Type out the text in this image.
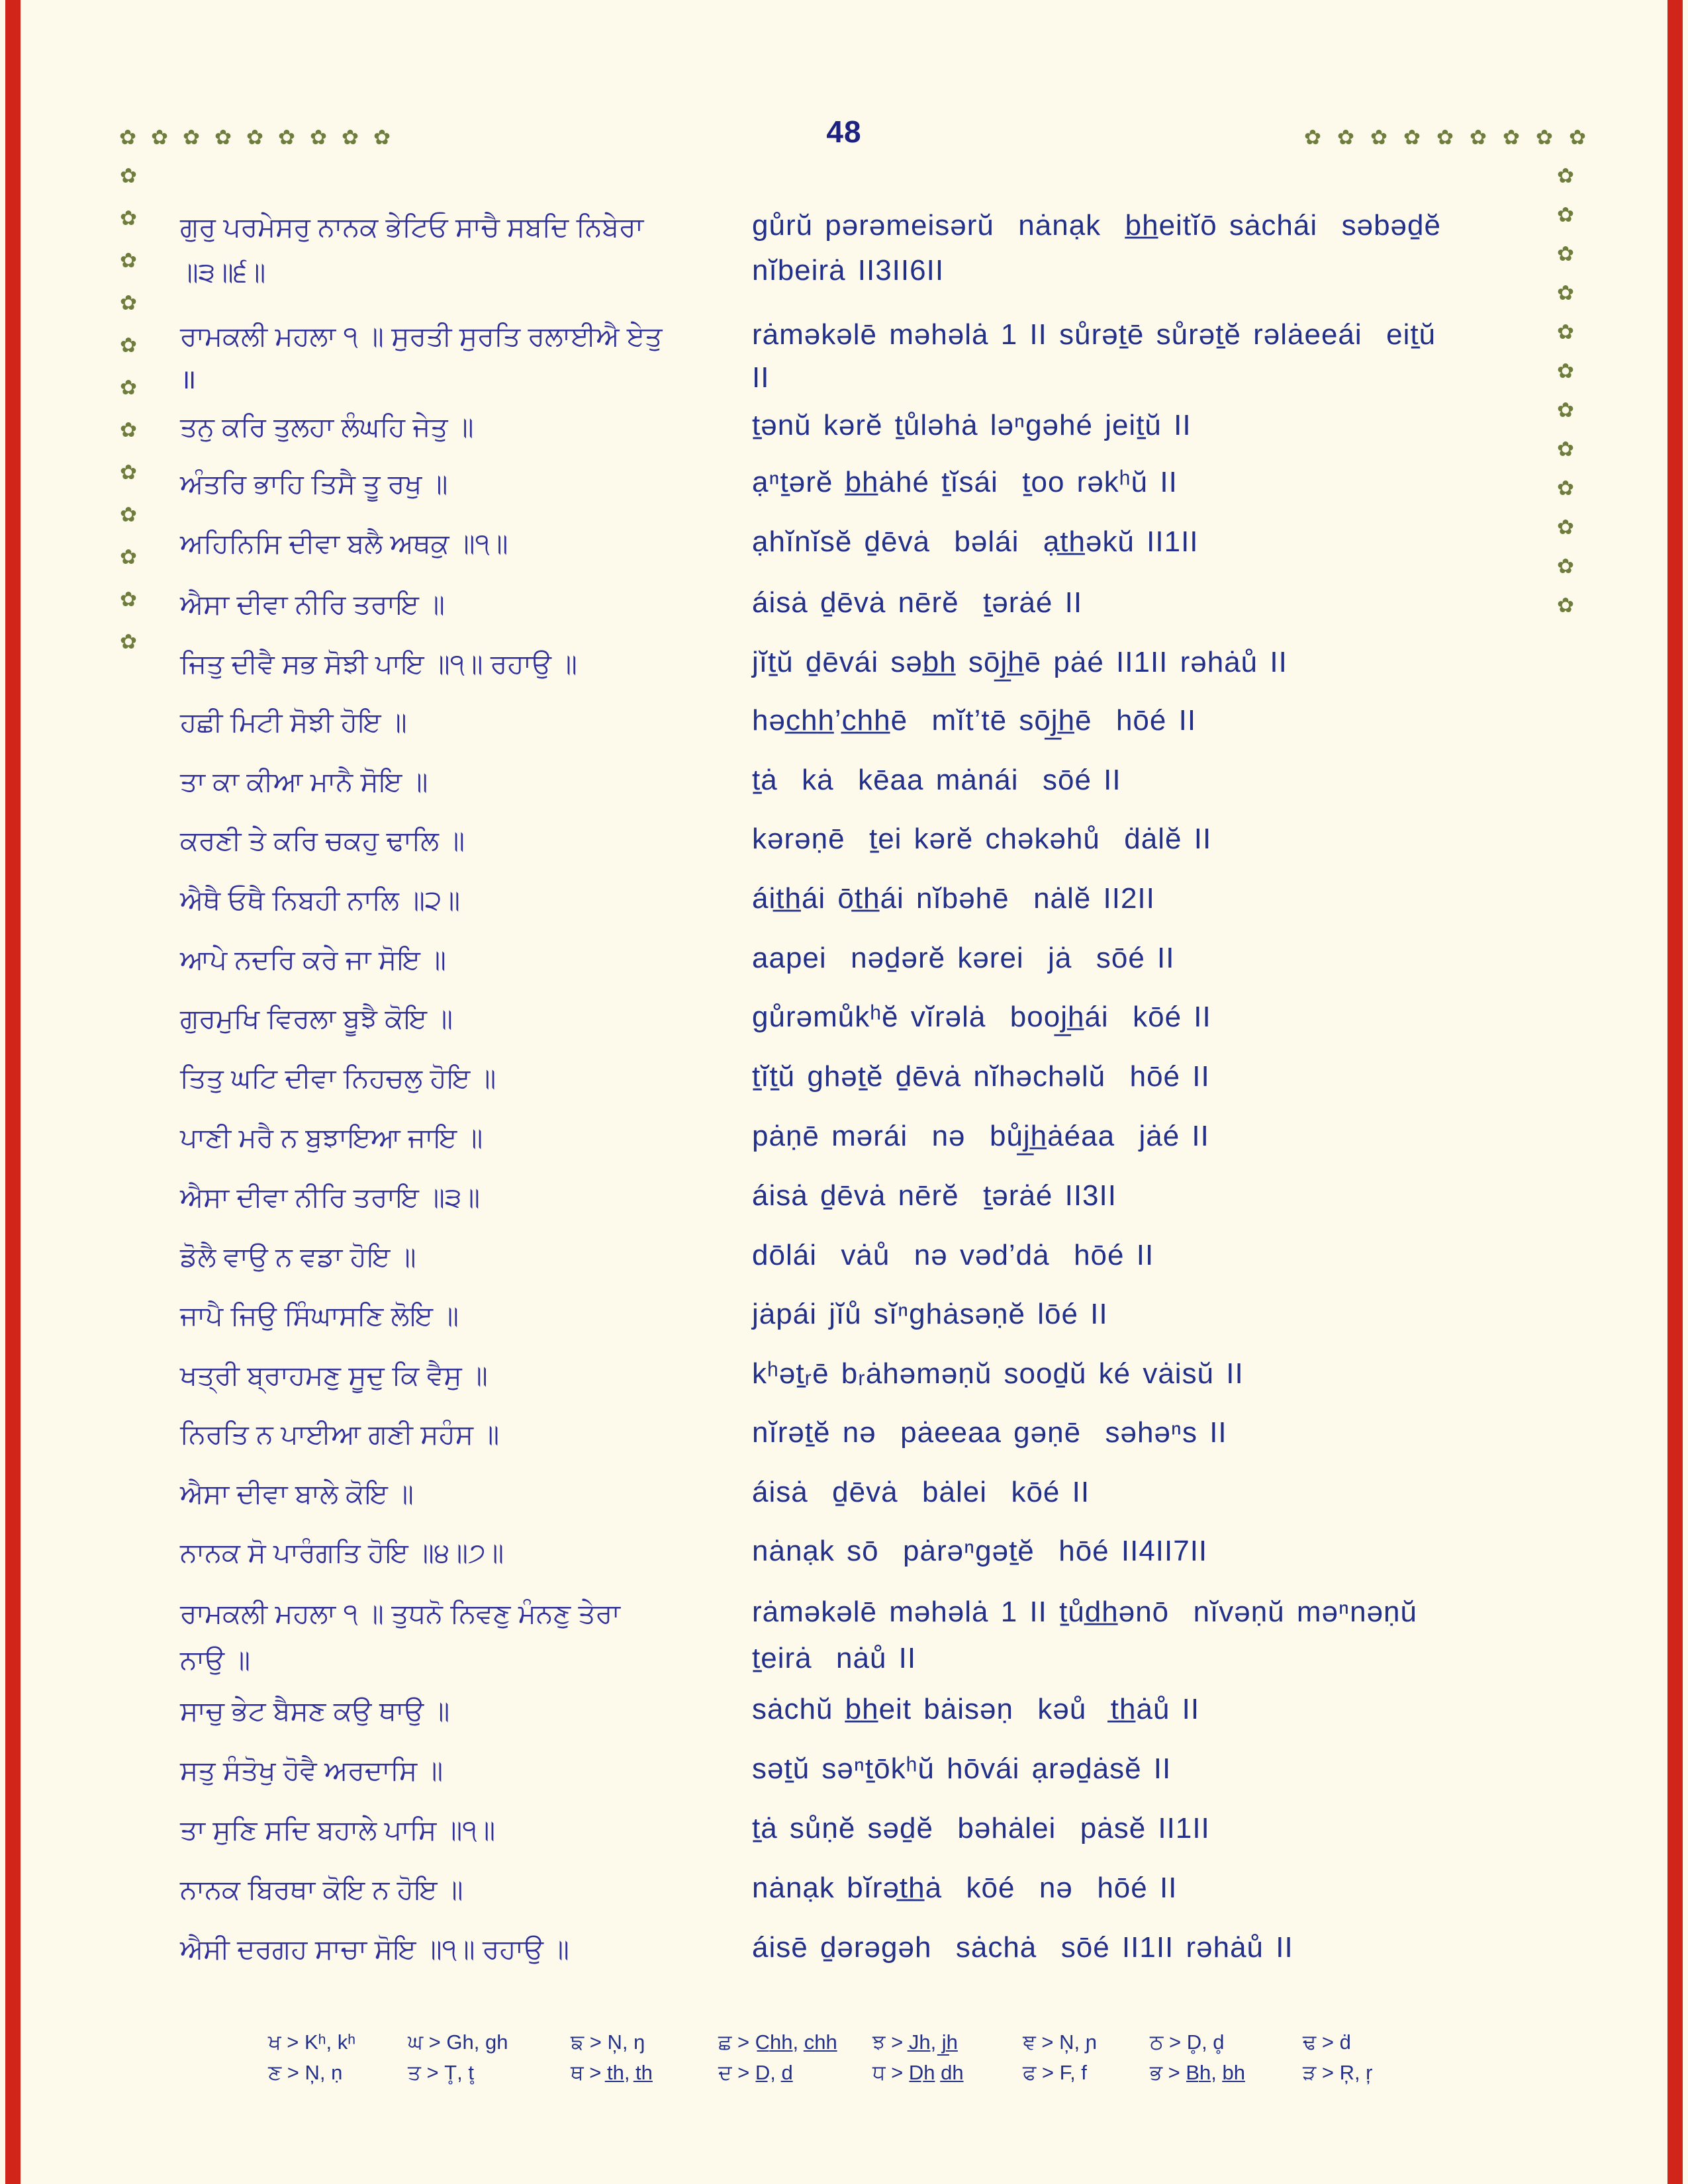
48
✿ ✿ ✿ ✿ ✿ ✿ ✿ ✿ ✿
✿
✿
✿
✿
✿
✿
✿
✿
✿
✿
✿
✿
✿ ✿ ✿ ✿ ✿ ✿ ✿ ✿ ✿
✿
✿
✿
✿
✿
✿
✿
✿
✿
✿
✿
✿
ਗੁਰੁ ਪਰਮੇਸਰੁ ਨਾਨਕ ਭੇਟਿਓ ਸਾਚੈ ਸਬਦਿ ਨਿਬੇਰਾ	gůrŭ pərəmeisərŭ  nȧnạk  b̲h̲eitĭō sȧchái  səbəd̠ĕ
॥੩॥੬॥	nĭbeirȧ II3II6II
ਰਾਮਕਲੀ ਮਹਲਾ ੧ ॥ ਸੁਰਤੀ ਸੁਰਤਿ ਰਲਾਈਐ ਏਤੁ	rȧməkəlē məhəlȧ 1 II sůrət̠ē sůrət̠ĕ rəlȧeeái  eit̠ŭ
॥	II
ਤਨੁ ਕਰਿ ਤੁਲਹਾ ਲੰਘਹਿ ਜੇਤੁ ॥	t̠ənŭ kərĕ t̠ůləhȧ ləⁿgəhé jeit̠ŭ II
ਅੰਤਰਿ ਭਾਹਿ ਤਿਸੈ ਤੂ ਰਖੁ ॥	ạⁿt̠ərĕ b̲h̲ȧhé t̠ĭsái  t̠oo rəkʰŭ II
ਅਹਿਨਿਸਿ ਦੀਵਾ ਬਲੈ ਅਥਕੁ ॥੧॥	ạhĭnĭsĕ d̠ēvȧ  bəlái  ạt̲h̲əkŭ II1II
ਐਸਾ ਦੀਵਾ ਨੀਰਿ ਤਰਾਇ ॥	áisȧ d̠ēvȧ nērĕ  t̠ərȧé II
ਜਿਤੁ ਦੀਵੈ ਸਭ ਸੋਝੀ ਪਾਇ ॥੧॥ ਰਹਾਉ ॥	jĭt̠ŭ d̠ēvái səb̲h̲ sōj̲h̲ē pȧé II1II rəhȧů II
ਹਛੀ ਮਿਟੀ ਸੋਝੀ ਹੋਇ ॥	həc̲h̲h̲’c̲h̲h̲ē  mĭt’tē sōj̲h̲ē  hōé II
ਤਾ ਕਾ ਕੀਆ ਮਾਨੈ ਸੋਇ ॥	t̠ȧ  kȧ  kēaa mȧnái  sōé II
ਕਰਣੀ ਤੇ ਕਰਿ ਚਕਹੁ ਢਾਲਿ ॥	kərəṇē  t̠ei kərĕ chəkəhů  ḋȧlĕ II
ਐਥੈ ਓਥੈ ਨਿਬਹੀ ਨਾਲਿ ॥੨॥	áit̲h̲ái ōt̲h̲ái nĭbəhē  nȧlĕ II2II
ਆਪੇ ਨਦਰਿ ਕਰੇ ਜਾ ਸੋਇ ॥	aapei  nəd̠ərĕ kərei  jȧ  sōé II
ਗੁਰਮੁਖਿ ਵਿਰਲਾ ਬੂਝੈ ਕੋਇ ॥	gůrəmůkʰĕ vĭrəlȧ  booj̲h̲ái  kōé II
ਤਿਤੁ ਘਟਿ ਦੀਵਾ ਨਿਹਚਲੁ ਹੋਇ ॥	t̠ĭt̠ŭ ghət̠ĕ d̠ēvȧ nĭhəchəlŭ  hōé II
ਪਾਣੀ ਮਰੈ ਨ ਬੁਝਾਇਆ ਜਾਇ ॥	pȧṇē mərái  nə  bůj̲h̲ȧéaa  jȧé II
ਐਸਾ ਦੀਵਾ ਨੀਰਿ ਤਰਾਇ ॥੩॥	áisȧ d̠ēvȧ nērĕ  t̠ərȧé II3II
ਡੋਲੈ ਵਾਉ ਨ ਵਡਾ ਹੋਇ ॥	dōlái  vȧů  nə vəd’dȧ  hōé II
ਜਾਪੈ ਜਿਉ ਸਿੰਘਾਸਣਿ ਲੋਇ ॥	jȧpái jĭů sĭⁿghȧsəṇĕ lōé II
ਖਤ੍ਰੀ ਬ੍ਰਾਹਮਣੁ ਸੂਦੁ ਕਿ ਵੈਸੁ ॥	kʰət̠ᵣē bᵣȧhəməṇŭ sood̠ŭ ké vȧisŭ II
ਨਿਰਤਿ ਨ ਪਾਈਆ ਗਣੀ ਸਹੰਸ ॥	nĭrət̠ĕ nə  pȧeeaa gəṇē  səhəⁿs II
ਐਸਾ ਦੀਵਾ ਬਾਲੇ ਕੋਇ ॥	áisȧ  d̠ēvȧ  bȧlei  kōé II
ਨਾਨਕ ਸੋ ਪਾਰੰਗਤਿ ਹੋਇ ॥੪॥੭॥	nȧnạk sō  pȧrəⁿgət̠ĕ  hōé II4II7II
ਰਾਮਕਲੀ ਮਹਲਾ ੧ ॥ ਤੁਧਨੋ ਨਿਵਣੁ ਮੰਨਣੁ ਤੇਰਾ	rȧməkəlē məhəlȧ 1 II t̠ůd̲h̲ənō  nĭvəṇŭ məⁿnəṇŭ
ਨਾਉ ॥	t̠eirȧ  nȧů II
ਸਾਚੁ ਭੇਟ ਬੈਸਣ ਕਉ ਥਾਉ ॥	sȧchŭ b̲h̲eit bȧisəṇ  kəů  t̲h̲ȧů II
ਸਤੁ ਸੰਤੋਖੁ ਹੋਵੈ ਅਰਦਾਸਿ ॥	sət̠ŭ səⁿt̠ōkʰŭ hōvái ạrəd̠ȧsĕ II
ਤਾ ਸੁਣਿ ਸਦਿ ਬਹਾਲੇ ਪਾਸਿ ॥੧॥	t̠ȧ sůṇĕ səd̠ĕ  bəhȧlei  pȧsĕ II1II
ਨਾਨਕ ਬਿਰਥਾ ਕੋਇ ਨ ਹੋਇ ॥	nȧnạk bĭrət̲h̲ȧ  kōé  nə  hōé II
ਐਸੀ ਦਰਗਹ ਸਾਚਾ ਸੋਇ ॥੧॥ ਰਹਾਉ ॥	áisē d̠ərəgəh  sȧchȧ  sōé II1II rəhȧů II
ਖ > Kʰ, kʰ	ਘ > Gh, gh	ਙ > N̦, ŋ	ਛ > C̲h̲h̲, c̲h̲h̲ ਝ > J̲h̲, j̲h̲	ਞ > N̦, ɲ	ਠ > D̥, d̥	ਢ > ḋ
ਣ > N̦, ṇ	ਤ > T̥, t̥	ਥ > t̲h̲, t̲h̲	ਦ > D̲, d̲	ਧ > D̲h̲ d̲h̲	ਫ > F, f	ਭ > B̲h̲, b̲h̲	ੜ > R̦, r̦
